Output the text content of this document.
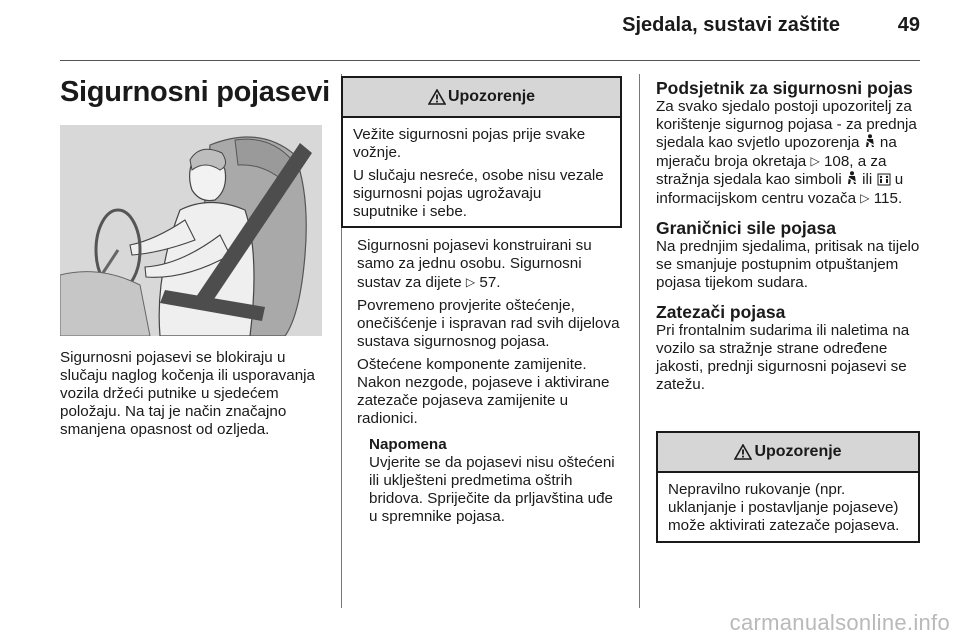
Sjedala, sustavi zaštite	49
Sigurnosni pojasevi

Sigurnosni pojasevi se blokiraju u slučaju naglog kočenja ili usporavanja vozila držeći putnike u sjedećem položaju. Na taj je način značajno smanjena opasnost od ozljeda.

Upozorenje

Vežite sigurnosni pojas prije svake vožnje.

U slučaju nesreće, osobe nisu vezale sigurnosni pojas ugrožavaju suputnike i sebe.

Sigurnosni pojasevi konstruirani su samo za jednu osobu. Sigurnosni sustav za dijete ▷ 57.

Povremeno provjerite oštećenje, onečišćenje i ispravan rad svih dijelova sustava sigurnosnog pojasa.

Oštećene komponente zamijenite. Nakon nezgode, pojaseve i aktivirane zatezače pojaseva zamijenite u radionici.

Napomena
Uvjerite se da pojasevi nisu oštećeni ili uklješteni predmetima oštrih bridova. Spriječite da prljavština uđe u spremnike pojasa.

Podsjetnik za sigurnosni pojas

Za svako sjedalo postoji upozoritelj za korištenje sigurnog pojasa - za prednja sjedala kao svjetlo upozorenja  na mjeraču broja okretaja ▷ 108, a za stražnja sjedala kao simboli  ili  u informacijskom centru vozača ▷ 115.

Graničnici sile pojasa

Na prednjim sjedalima, pritisak na tijelo se smanjuje postupnim otpuštanjem pojasa tijekom sudara.

Zatezači pojasa

Pri frontalnim sudarima ili naletima na vozilo sa stražnje strane određene jakosti, prednji sigurnosni pojasevi se zatežu.

Upozorenje

Nepravilno rukovanje (npr. uklanjanje i postavljanje pojaseve) može aktivirati zatezače pojaseva.

carmanualsonline.info
